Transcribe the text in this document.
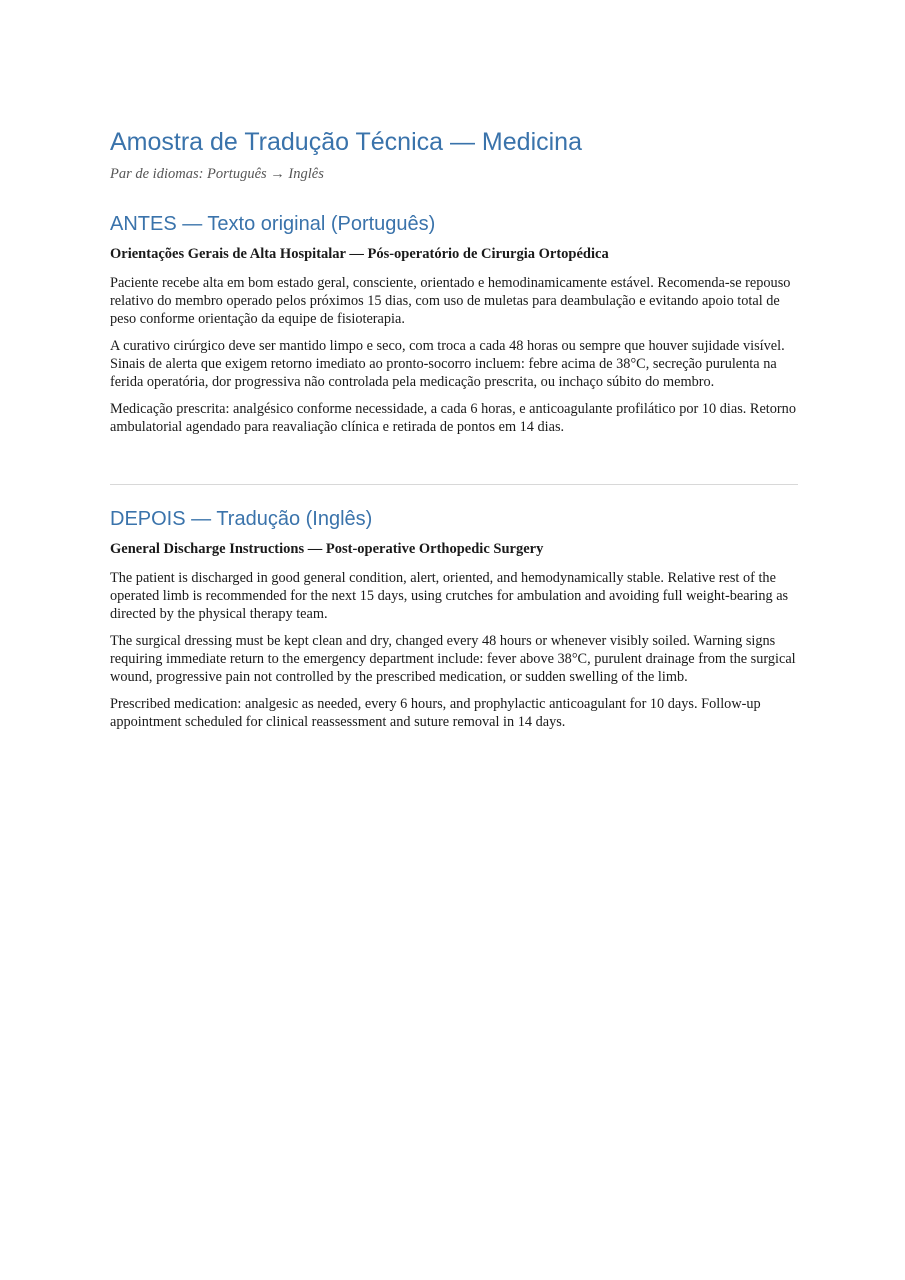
Amostra de Tradução Técnica — Medicina

Par de idiomas: Português → Inglês

ANTES — Texto original (Português)

Orientações Gerais de Alta Hospitalar — Pós-operatório de Cirurgia Ortopédica

Paciente recebe alta em bom estado geral, consciente, orientado e hemodinamicamente estável. Recomenda-se repouso relativo do membro operado pelos próximos 15 dias, com uso de muletas para deambulação e evitando apoio total de peso conforme orientação da equipe de fisioterapia.

A curativo cirúrgico deve ser mantido limpo e seco, com troca a cada 48 horas ou sempre que houver sujidade visível. Sinais de alerta que exigem retorno imediato ao pronto-socorro incluem: febre acima de 38°C, secreção purulenta na ferida operatória, dor progressiva não controlada pela medicação prescrita, ou inchaço súbito do membro.

Medicação prescrita: analgésico conforme necessidade, a cada 6 horas, e anticoagulante profilático por 10 dias. Retorno ambulatorial agendado para reavaliação clínica e retirada de pontos em 14 dias.

DEPOIS — Tradução (Inglês)

General Discharge Instructions — Post-operative Orthopedic Surgery

The patient is discharged in good general condition, alert, oriented, and hemodynamically stable. Relative rest of the operated limb is recommended for the next 15 days, using crutches for ambulation and avoiding full weight-bearing as directed by the physical therapy team.

The surgical dressing must be kept clean and dry, changed every 48 hours or whenever visibly soiled. Warning signs requiring immediate return to the emergency department include: fever above 38°C, purulent drainage from the surgical wound, progressive pain not controlled by the prescribed medication, or sudden swelling of the limb.

Prescribed medication: analgesic as needed, every 6 hours, and prophylactic anticoagulant for 10 days. Follow-up appointment scheduled for clinical reassessment and suture removal in 14 days.
